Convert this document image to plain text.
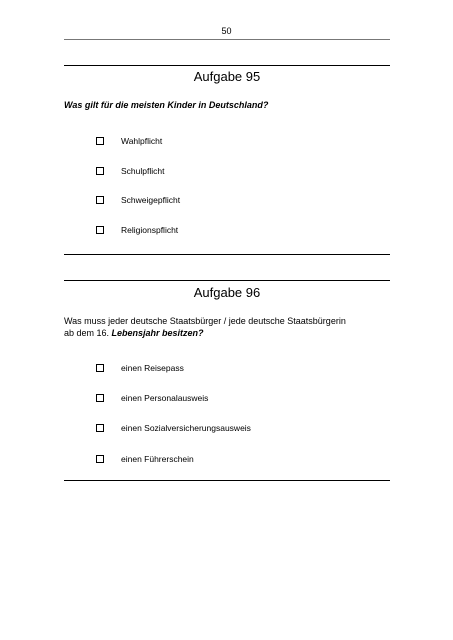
50
Aufgabe 95
Was gilt für die meisten Kinder in Deutschland?
Wahlpflicht
Schulpflicht
Schweigepflicht
Religionspflicht
Aufgabe 96
Was muss jeder deutsche Staatsbürger / jede deutsche Staatsbürgerin
ab dem 16. Lebensjahr besitzen?
einen Reisepass
einen Personalausweis
einen Sozialversicherungsausweis
einen Führerschein
